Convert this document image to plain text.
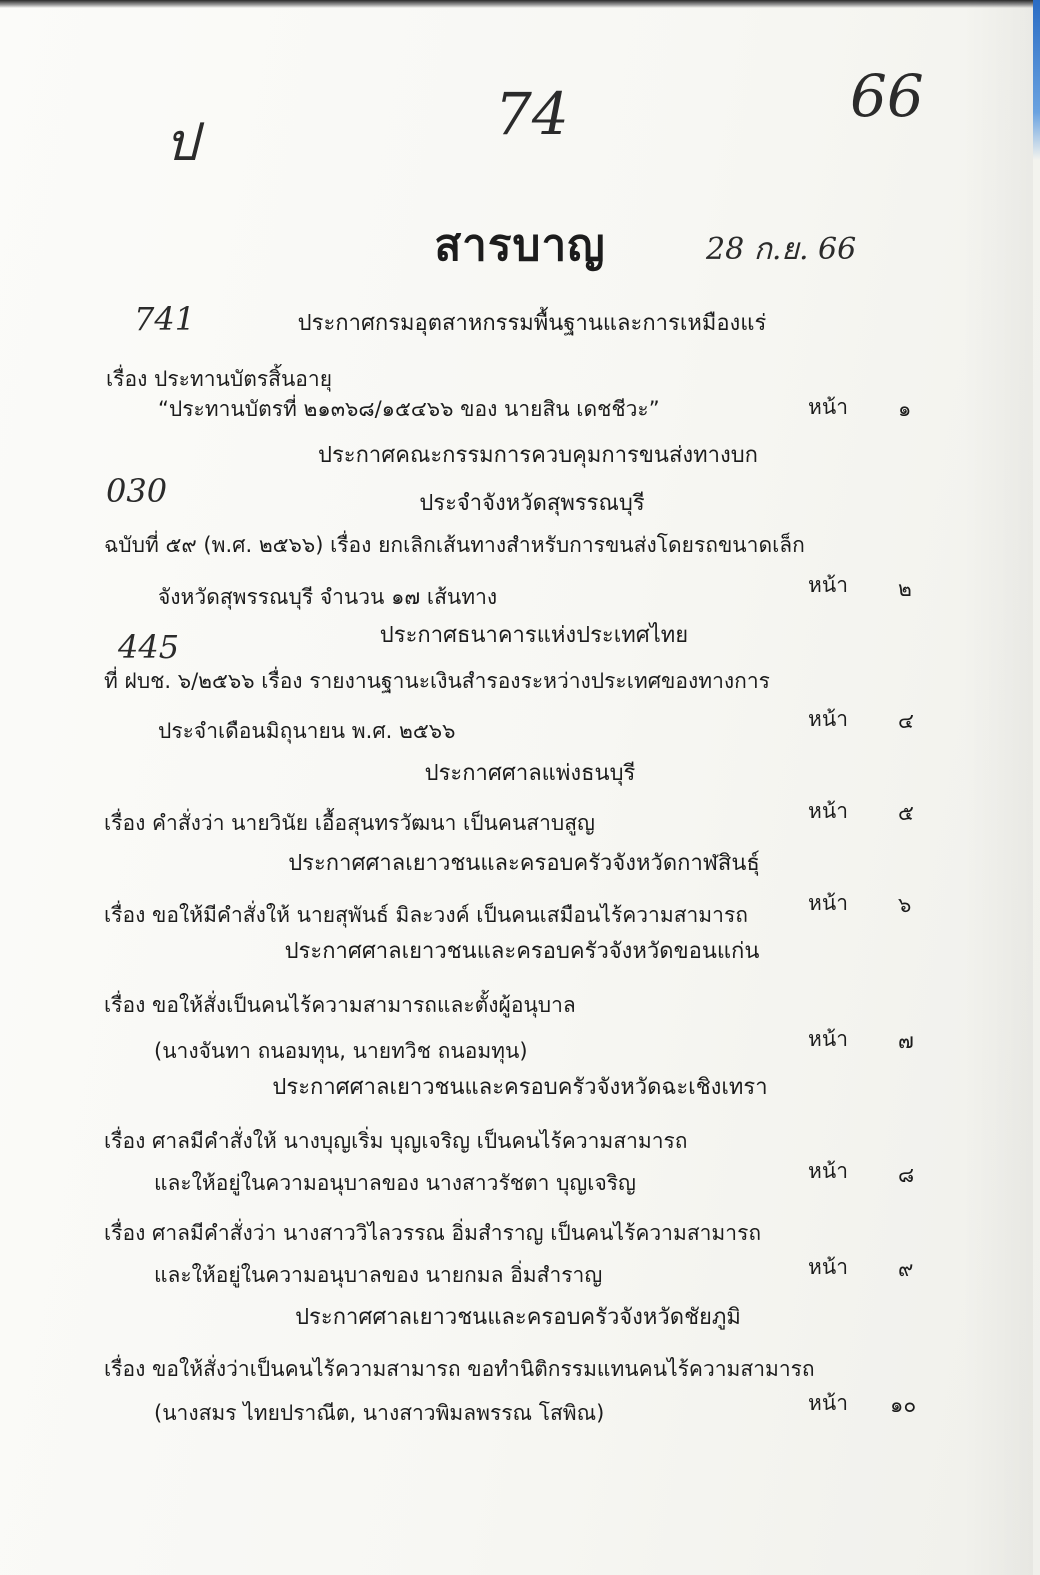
ป	74	66
28 ก.ย. 66
741
030
445
สารบาญ
ประกาศกรมอุตสาหกรรมพื้นฐานและการเหมืองแร่
เรื่อง ประทานบัตรสิ้นอายุ
“ประทานบัตรที่ ๒๑๓๖๘/๑๕๔๖๖ ของ นายสิน เดชชีวะ”	หน้า ๑
ประกาศคณะกรรมการควบคุมการขนส่งทางบก
ประจำจังหวัดสุพรรณบุรี
ฉบับที่ ๕๙ (พ.ศ. ๒๕๖๖) เรื่อง ยกเลิกเส้นทางสำหรับการขนส่งโดยรถขนาดเล็ก
จังหวัดสุพรรณบุรี จำนวน ๑๗ เส้นทาง	หน้า ๒
ประกาศธนาคารแห่งประเทศไทย
ที่ ฝบช. ๖/๒๕๖๖ เรื่อง รายงานฐานะเงินสำรองระหว่างประเทศของทางการ
ประจำเดือนมิถุนายน พ.ศ. ๒๕๖๖	หน้า ๔
ประกาศศาลแพ่งธนบุรี
เรื่อง คำสั่งว่า นายวินัย เอื้อสุนทรวัฒนา เป็นคนสาบสูญ	หน้า ๕
ประกาศศาลเยาวชนและครอบครัวจังหวัดกาฬสินธุ์
เรื่อง ขอให้มีคำสั่งให้ นายสุพันธ์ มิละวงค์ เป็นคนเสมือนไร้ความสามารถ	หน้า ๖
ประกาศศาลเยาวชนและครอบครัวจังหวัดขอนแก่น
เรื่อง ขอให้สั่งเป็นคนไร้ความสามารถและตั้งผู้อนุบาล
(นางจันทา ถนอมทุน, นายทวิช ถนอมทุน)	หน้า ๗
ประกาศศาลเยาวชนและครอบครัวจังหวัดฉะเชิงเทรา
เรื่อง ศาลมีคำสั่งให้ นางบุญเริ่ม บุญเจริญ เป็นคนไร้ความสามารถ
และให้อยู่ในความอนุบาลของ นางสาวรัชตา บุญเจริญ	หน้า ๘
เรื่อง ศาลมีคำสั่งว่า นางสาววิไลวรรณ อิ่มสำราญ เป็นคนไร้ความสามารถ
และให้อยู่ในความอนุบาลของ นายกมล อิ่มสำราญ	หน้า ๙
ประกาศศาลเยาวชนและครอบครัวจังหวัดชัยภูมิ
เรื่อง ขอให้สั่งว่าเป็นคนไร้ความสามารถ ขอทำนิติกรรมแทนคนไร้ความสามารถ
(นางสมร ไทยปราณีต, นางสาวพิมลพรรณ โสพิณ)	หน้า ๑๐
